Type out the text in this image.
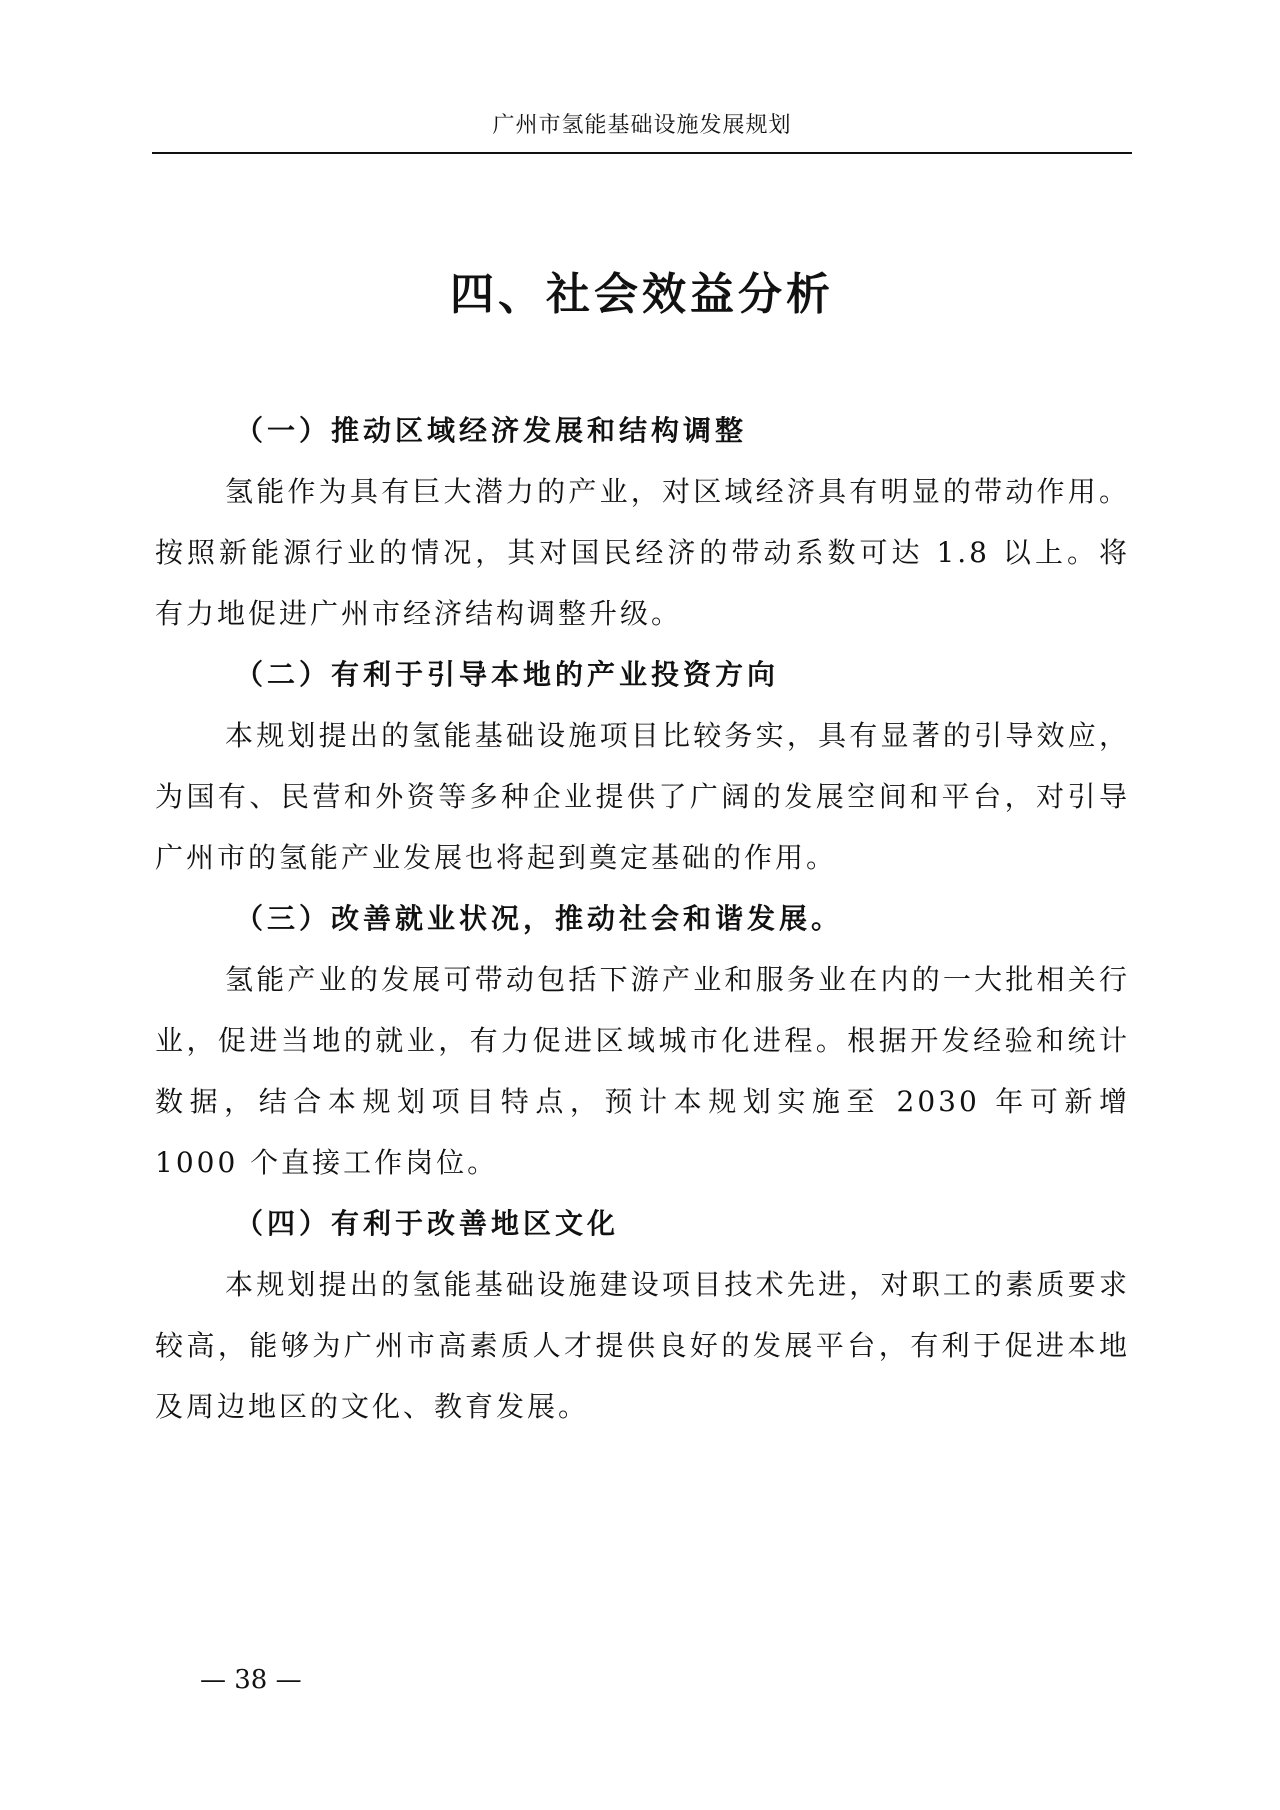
广州市氢能基础设施发展规划
四、社会效益分析

（一）推动区域经济发展和结构调整

氢能作为具有巨大潜力的产业，对区域经济具有明显的带动作用。按照新能源行业的情况，其对国民经济的带动系数可达 1.8 以上。将有力地促进广州市经济结构调整升级。

（二）有利于引导本地的产业投资方向

本规划提出的氢能基础设施项目比较务实，具有显著的引导效应，为国有、民营和外资等多种企业提供了广阔的发展空间和平台，对引导广州市的氢能产业发展也将起到奠定基础的作用。

（三）改善就业状况，推动社会和谐发展。

氢能产业的发展可带动包括下游产业和服务业在内的一大批相关行业，促进当地的就业，有力促进区域城市化进程。根据开发经验和统计数据，结合本规划项目特点，预计本规划实施至 2030 年可新增 1000 个直接工作岗位。

（四）有利于改善地区文化

本规划提出的氢能基础设施建设项目技术先进，对职工的素质要求较高，能够为广州市高素质人才提供良好的发展平台，有利于促进本地及周边地区的文化、教育发展。

— 38 —
